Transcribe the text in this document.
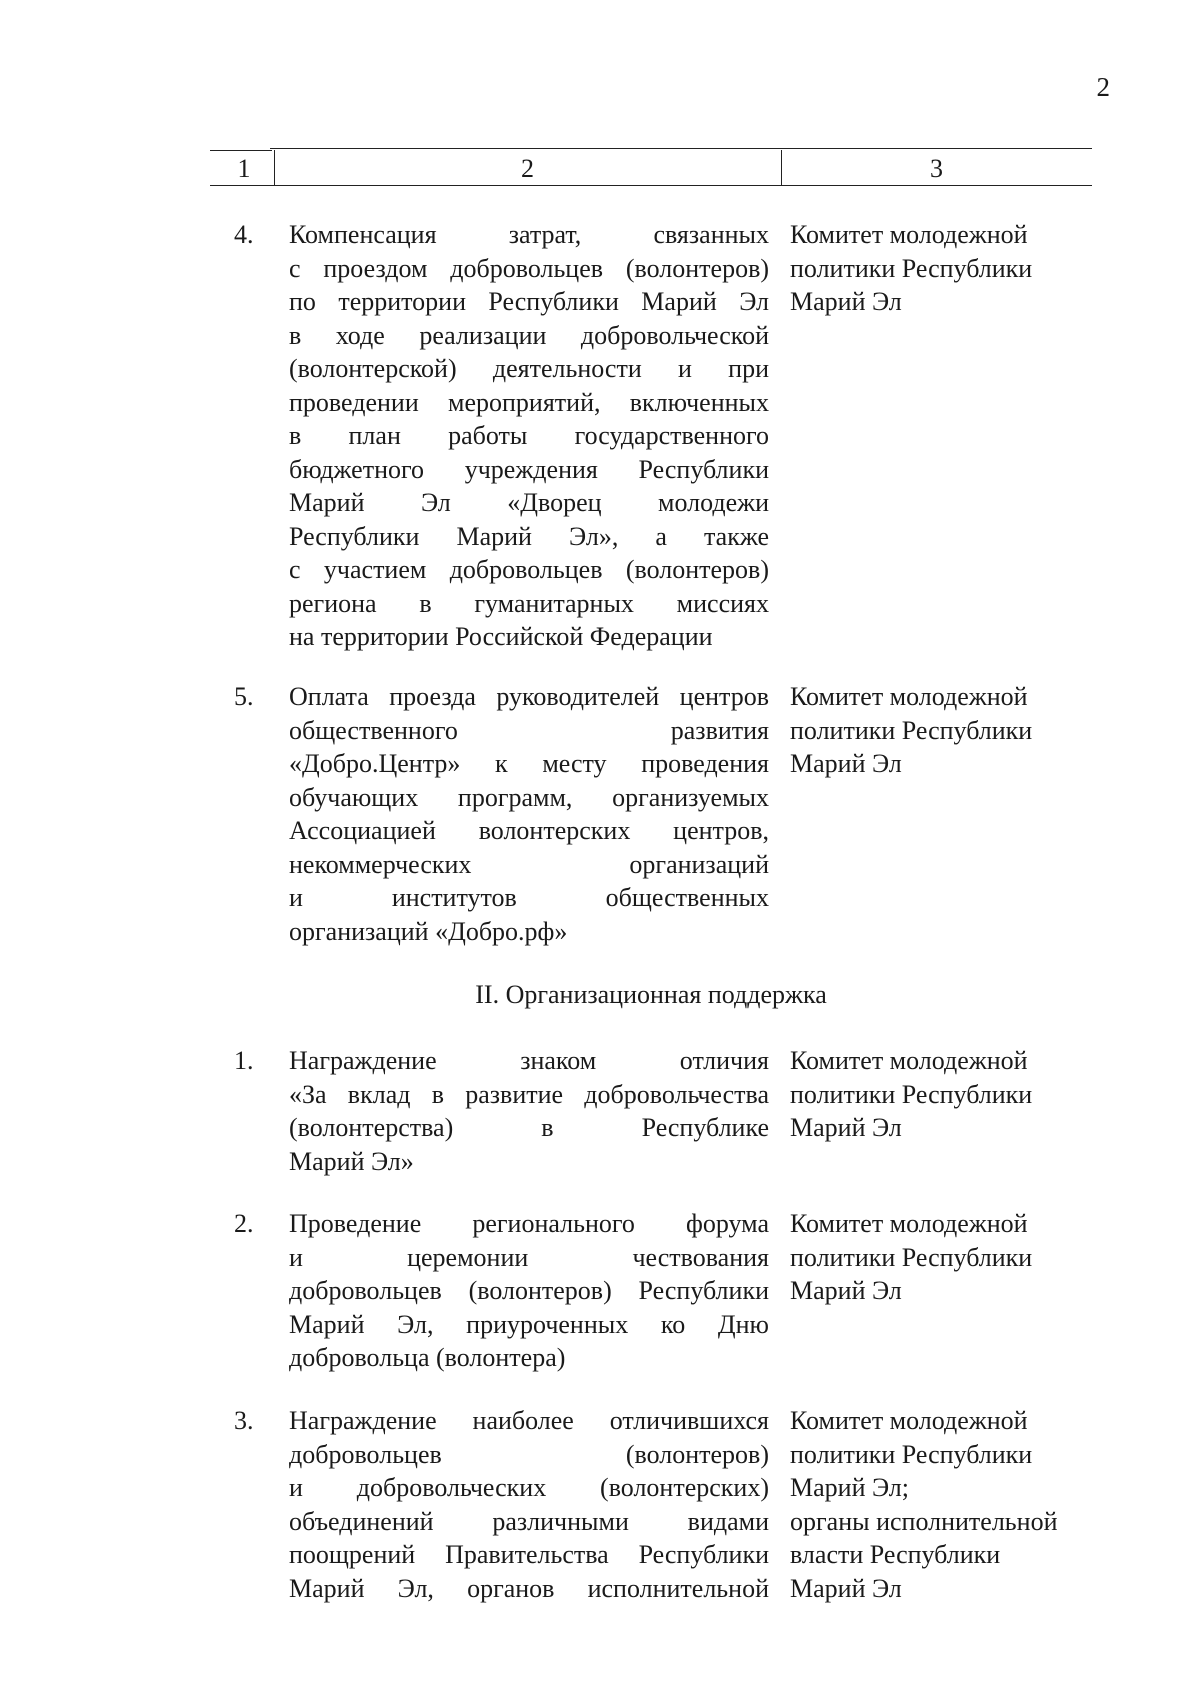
2
1	2	3
4. Компенсация затрат, связанных
с проездом добровольцев (волонтеров)
по территории Республики Марий Эл
в ходе реализации добровольческой
(волонтерской) деятельности и при
проведении мероприятий, включенных
в план работы государственного
бюджетного учреждения Республики
Марий Эл «Дворец молодежи
Республики Марий Эл», а также
с участием добровольцев (волонтеров)
региона в гуманитарных миссиях
на территории Российской Федерации
Комитет молодежной
политики Республики
Марий Эл
5. Оплата проезда руководителей центров
общественного развития
«Добро.Центр» к месту проведения
обучающих программ, организуемых
Ассоциацией волонтерских центров,
некоммерческих организаций
и институтов общественных
организаций «Добро.рф»
Комитет молодежной
политики Республики
Марий Эл
II. Организационная поддержка
1. Награждение знаком отличия
«За вклад в развитие добровольчества
(волонтерства) в Республике
Марий Эл»
Комитет молодежной
политики Республики
Марий Эл
2. Проведение регионального форума
и церемонии чествования
добровольцев (волонтеров) Республики
Марий Эл, приуроченных ко Дню
добровольца (волонтера)
Комитет молодежной
политики Республики
Марий Эл
3. Награждение наиболее отличившихся
добровольцев (волонтеров)
и добровольческих (волонтерских)
объединений различными видами
поощрений Правительства Республики
Марий Эл, органов исполнительной
Комитет молодежной
политики Республики
Марий Эл;
органы исполнительной
власти Республики
Марий Эл
